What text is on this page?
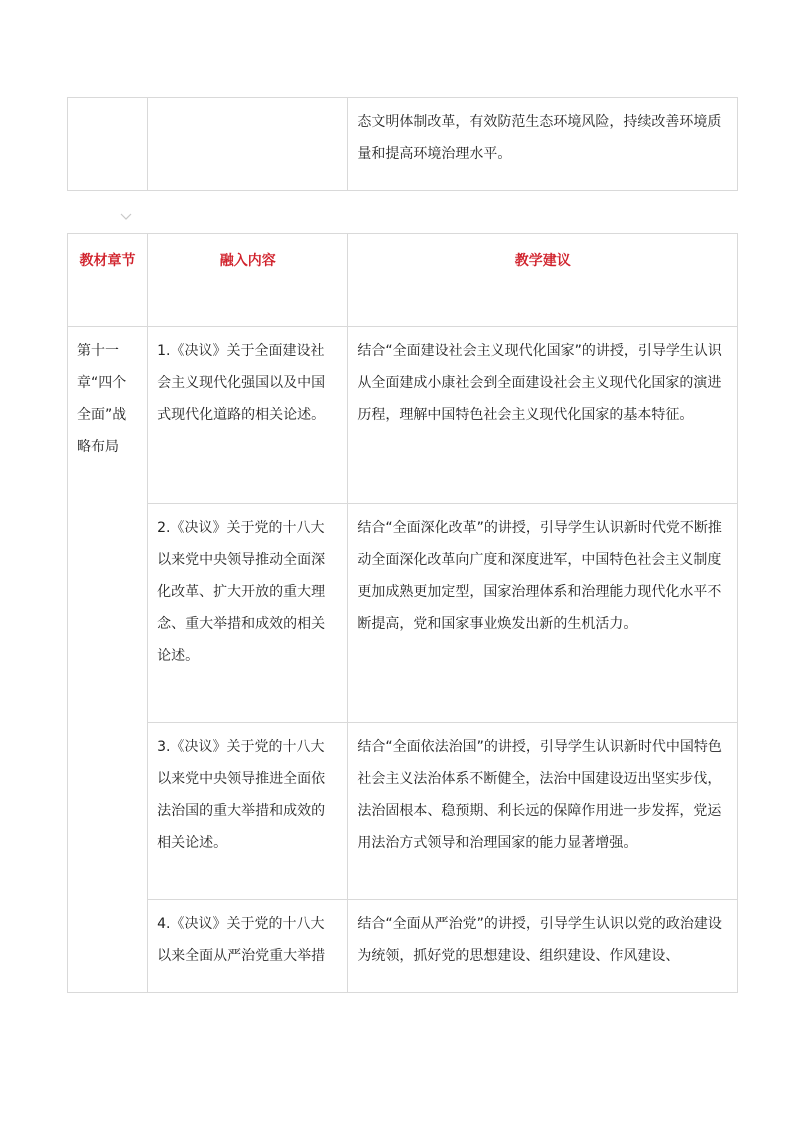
		态文明体制改革，有效防范生态环境风险，持续改善环境质量和提高环境治理水平。
教材章节	融入内容	教学建议
第十一章“四个全面”战略布局	1.《决议》关于全面建设社会主义现代化强国以及中国式现代化道路的相关论述。	结合“全面建设社会主义现代化国家”的讲授，引导学生认识从全面建成小康社会到全面建设社会主义现代化国家的演进历程，理解中国特色社会主义现代化国家的基本特征。
	2.《决议》关于党的十八大以来党中央领导推动全面深化改革、扩大开放的重大理念、重大举措和成效的相关论述。	结合“全面深化改革”的讲授，引导学生认识新时代党不断推动全面深化改革向广度和深度进军，中国特色社会主义制度更加成熟更加定型，国家治理体系和治理能力现代化水平不断提高，党和国家事业焕发出新的生机活力。
	3.《决议》关于党的十八大以来党中央领导推进全面依法治国的重大举措和成效的相关论述。	结合“全面依法治国”的讲授，引导学生认识新时代中国特色社会主义法治体系不断健全，法治中国建设迈出坚实步伐，法治固根本、稳预期、利长远的保障作用进一步发挥，党运用法治方式领导和治理国家的能力显著增强。
	4.《决议》关于党的十八大以来全面从严治党重大举措	结合“全面从严治党”的讲授，引导学生认识以党的政治建设为统领，抓好党的思想建设、组织建设、作风建设、
